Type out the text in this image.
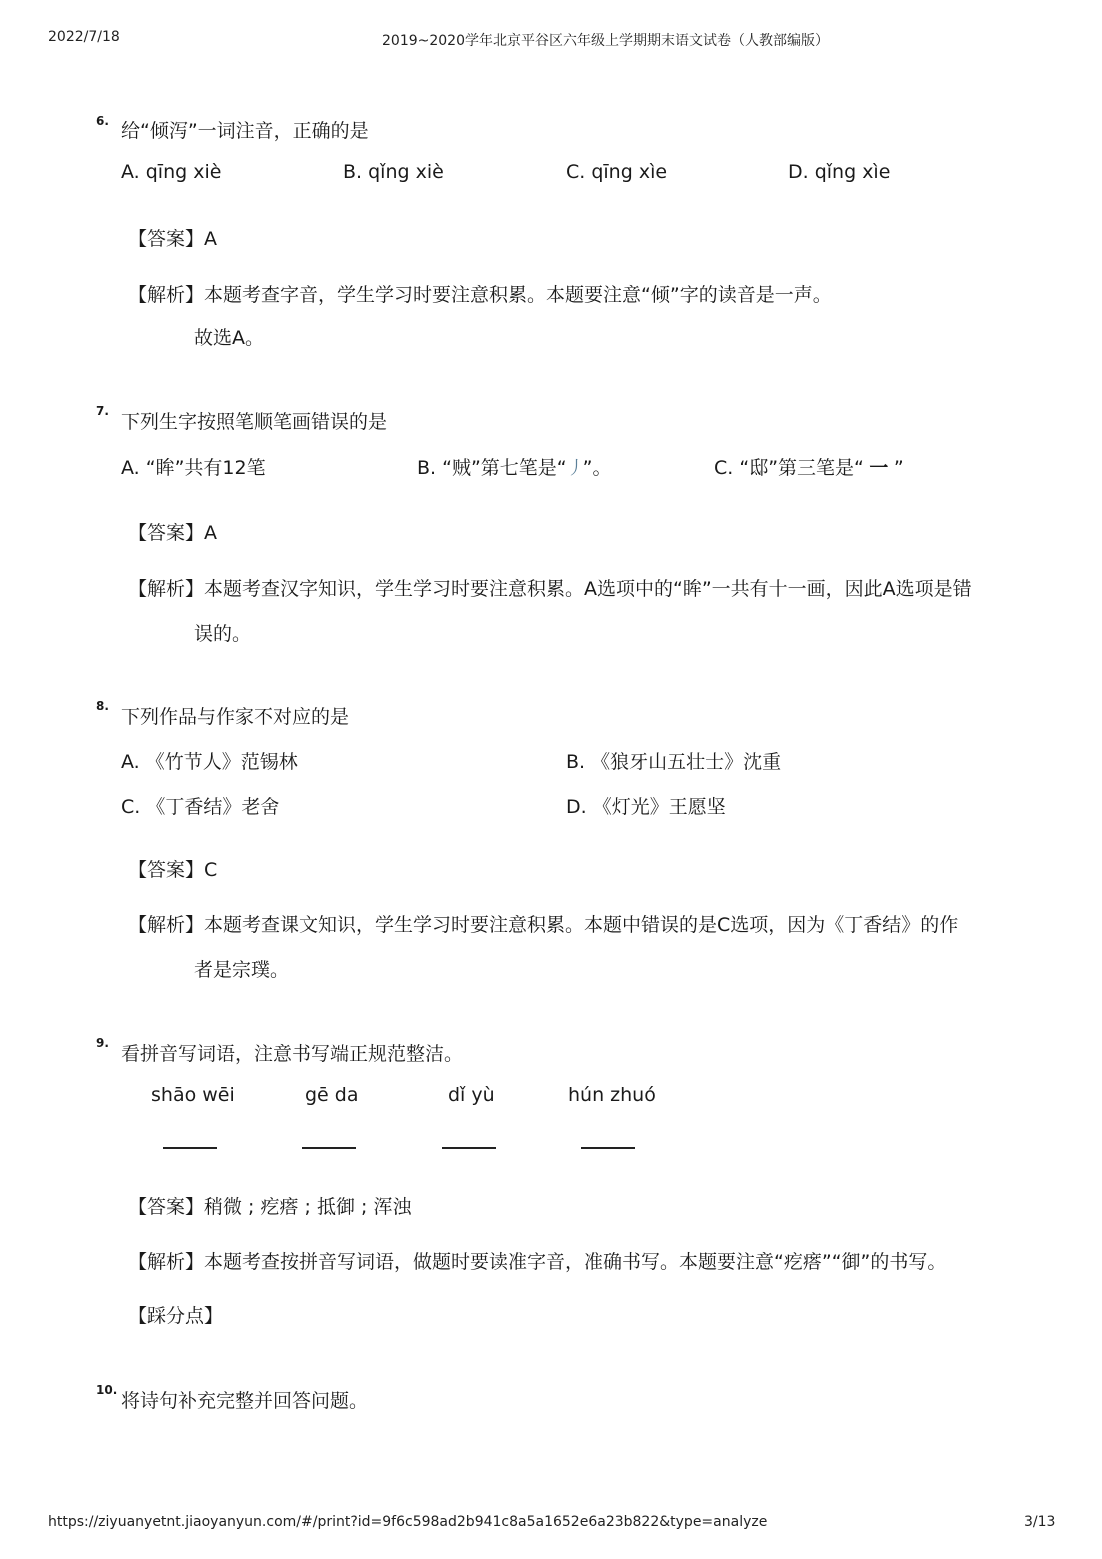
2022/7/18	2019~2020学年北京平谷区六年级上学期期末语文试卷（人教部编版）
6. 给“倾泻”一词注音，正确的是
A. qīng xiè	B. qǐng xiè	C. qīng xìe	D. qǐng xìe
【答案】A
【解析】本题考查字音，学生学习时要注意积累。本题要注意“倾”字的读音是一声。
故选A。
7. 下列生字按照笔顺笔画错误的是
A. “眸”共有12笔	B. “贼”第七笔是“丿”。	C. “邸”第三笔是“ 一 ”
【答案】A
【解析】本题考查汉字知识，学生学习时要注意积累。A选项中的“眸”一共有十一画，因此A选项是错
误的。
8. 下列作品与作家不对应的是
A. 《竹节人》范锡林	B. 《狼牙山五壮士》沈重
C. 《丁香结》老舍	D. 《灯光》王愿坚
【答案】C
【解析】本题考查课文知识，学生学习时要注意积累。本题中错误的是C选项，因为《丁香结》的作
者是宗璞。
9. 看拼音写词语，注意书写端正规范整洁。
shāo wēi	gē da	dǐ yù	hún zhuó
【答案】稍微 ; 疙瘩 ; 抵御 ; 浑浊
【解析】本题考查按拼音写词语，做题时要读准字音，准确书写。本题要注意“疙瘩”“御”的书写。
【踩分点】
10. 将诗句补充完整并回答问题。
https://ziyuanyetnt.jiaoyanyun.com/#/print?id=9f6c598ad2b941c8a5a1652e6a23b822&type=analyze	3/13
